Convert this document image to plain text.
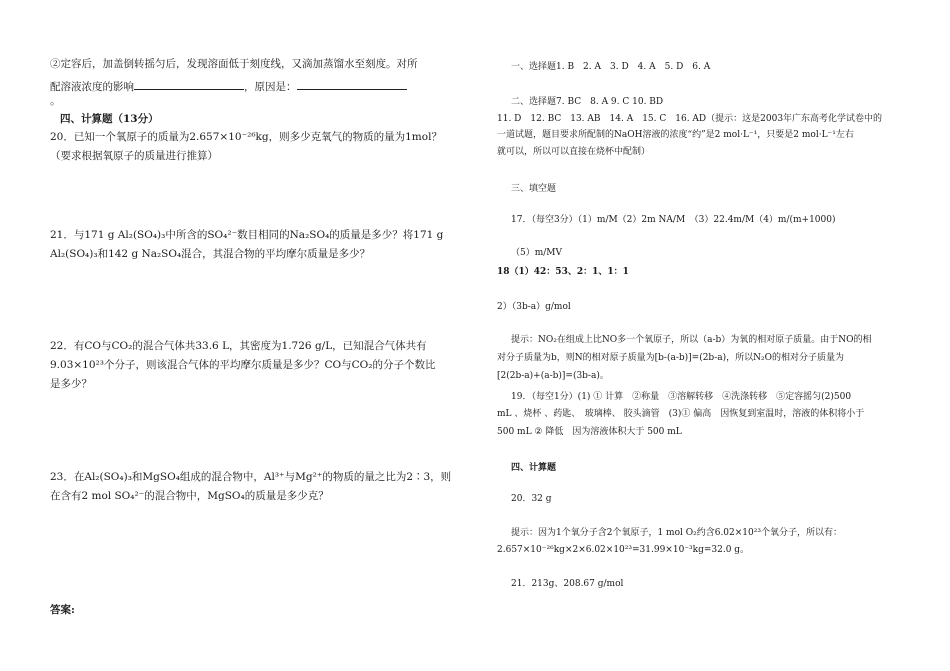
②定容后，加盖倒转摇匀后，发现溶面低于刻度线，又滴加蒸馏水至刻度。对所
配溶液浓度的影响	，原因是：
。
四、计算题（13分）
20．已知一个氧原子的质量为2.657×10⁻²⁶kg，则多少克氧气的物质的量为1mol？
（要求根据氧原子的质量进行推算）
21．与171 g Al₂(SO₄)₃中所含的SO₄²⁻数目相同的Na₂SO₄的质量是多少？将171 g
Al₂(SO₄)₃和142 g Na₂SO₄混合，其混合物的平均摩尔质量是多少？
22．有CO与CO₂的混合气体共33.6 L，其密度为1.726 g/L，已知混合气体共有
9.03×10²³个分子，则该混合气体的平均摩尔质量是多少？CO与CO₂的分子个数比
是多少？
23．在Al₂(SO₄)₃和MgSO₄组成的混合物中，Al³⁺与Mg²⁺的物质的量之比为2∶3，则
在含有2 mol SO₄²⁻的混合物中，MgSO₄的质量是多少克？
答案:
一、选择题1. B　2. A　3. D　4. A　5. D　6. A
二、选择题7. BC　8. A 9. C 10. BD
11. D　12. BC　13. AB　14. A　15. C　16. AD（提示：这是2003年广东高考化学试卷中的
一道试题，题目要求所配制的NaOH溶液的浓度“约”是2 mol·L⁻¹，只要是2 mol·L⁻¹左右
就可以，所以可以直接在烧杯中配制）
三、填空题
17．（每空3分）（1）m/M（2）2m NA/M　（3）22.4m/M（4）m/(m+1000)
（5）m/MV
18（1）42：53、2：1、1：1
2）（3b-a）g/mol
提示：NO₂在组成上比NO多一个氧原子，所以（a-b）为氧的相对原子质量。由于NO的相
对分子质量为b，则N的相对原子质量为[b-(a-b)]=(2b-a)，所以N₂O的相对分子质量为
[2(2b-a)+(a-b)]=(3b-a)。
19．（每空1分）(1) ① 计算　②称量　③溶解转移　④洗涤转移　⑤定容摇匀(2)500
mL 、烧杯 、药匙、　玻璃棒、 胶头滴管　(3)① 偏高　因恢复到室温时，溶液的体积将小于
500 mL ② 降低　因为溶液体积大于 500 mL
四、计算题
20．32 g
提示：因为1个氧分子含2个氧原子，1 mol O₂约含6.02×10²³个氧分子，所以有：
2.657×10⁻²⁶kg×2×6.02×10²³=31.99×10⁻³kg=32.0 g。
21．213g、208.67 g/mol
